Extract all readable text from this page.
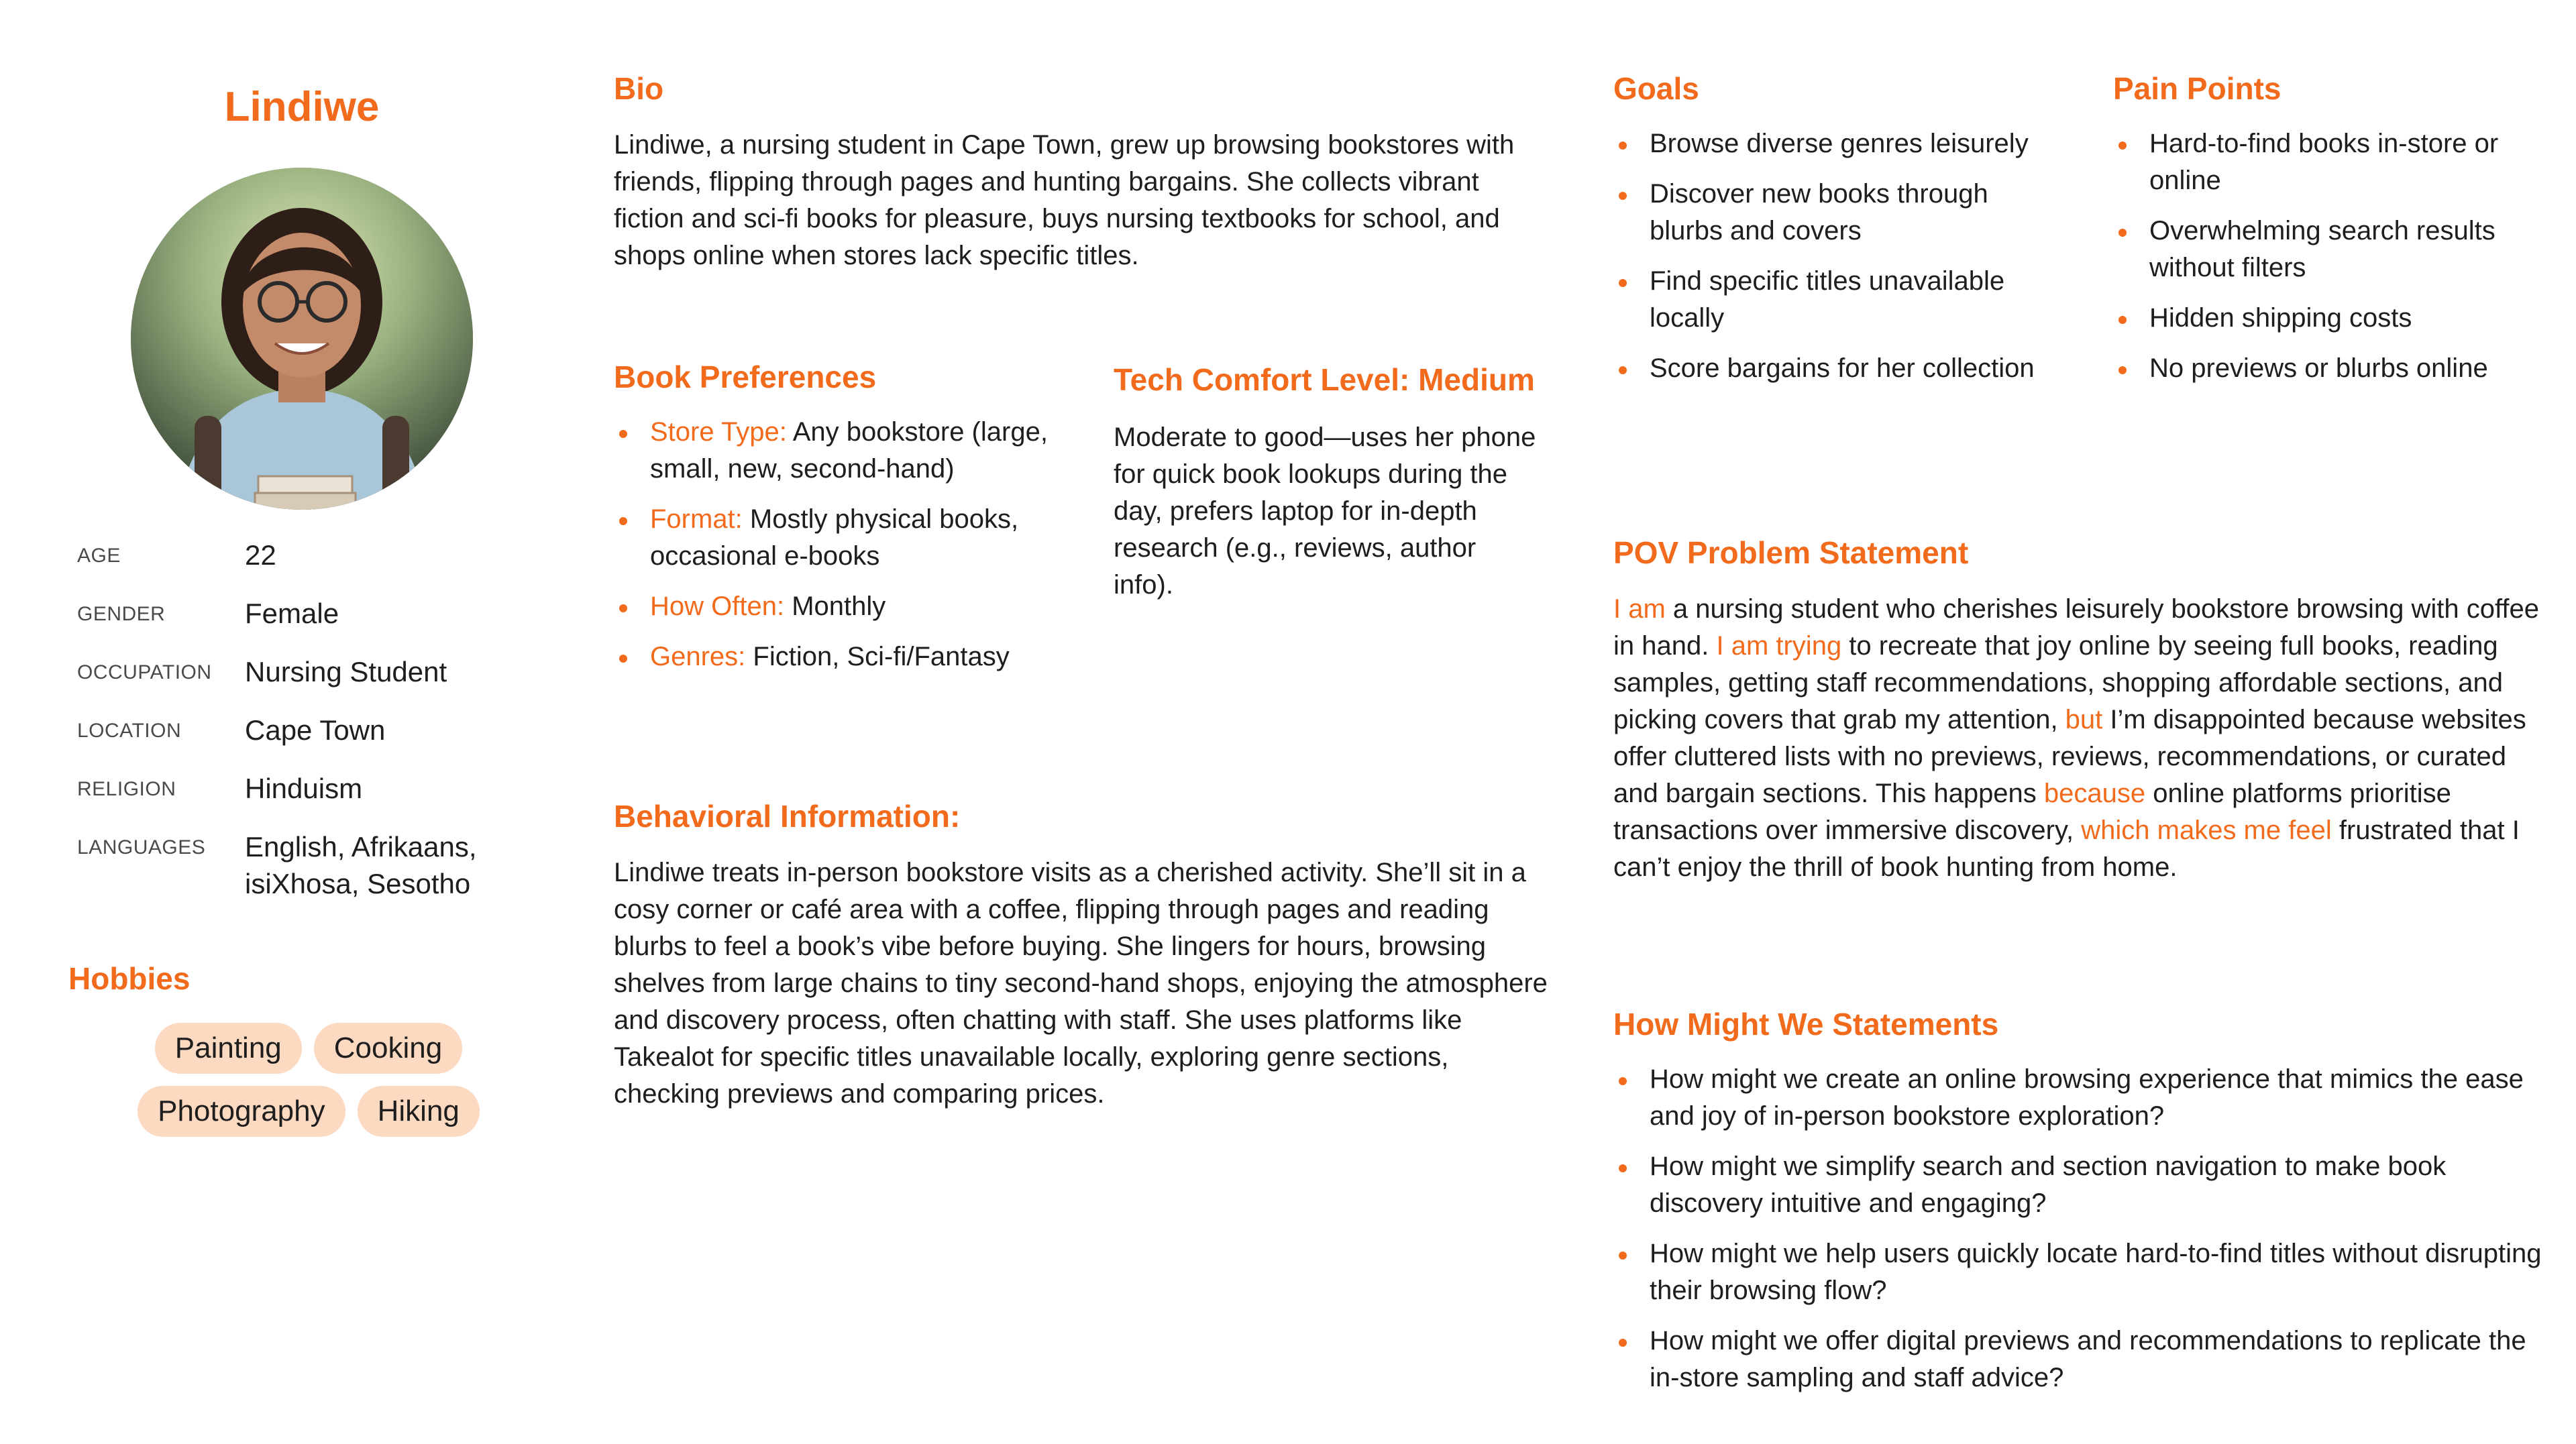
Lindiwe
AGE	22
GENDER	Female
OCCUPATION	Nursing Student
LOCATION	Cape Town
RELIGION	Hinduism
LANGUAGES	English, Afrikaans, isiXhosa, Sesotho
Hobbies
Painting	Cooking
Photography	Hiking
Bio

Lindiwe, a nursing student in Cape Town, grew up browsing bookstores with friends, flipping through pages and hunting bargains. She collects vibrant fiction and sci-fi books for pleasure, buys nursing textbooks for school, and shops online when stores lack specific titles.

Book Preferences
Store Type: Any bookstore (large, small, new, second-hand)
Format: Mostly physical books, occasional e-books
How Often: Monthly
Genres: Fiction, Sci-fi/Fantasy
Tech Comfort Level: Medium

Moderate to good—uses her phone for quick book lookups during the day, prefers laptop for in-depth research (e.g., reviews, author info).

Behavioral Information:

Lindiwe treats in-person bookstore visits as a cherished activity. She’ll sit in a cosy corner or café area with a coffee, flipping through pages and reading blurbs to feel a book’s vibe before buying. She lingers for hours, browsing shelves from large chains to tiny second-hand shops, enjoying the atmosphere and discovery process, often chatting with staff. She uses platforms like Takealot for specific titles unavailable locally, exploring genre sections, checking previews and comparing prices.

Goals
Browse diverse genres leisurely
Discover new books through blurbs and covers
Find specific titles unavailable locally
Score bargains for her collection
Pain Points
Hard-to-find books in-store or online
Overwhelming search results without filters
Hidden shipping costs
No previews or blurbs online
POV Problem Statement

I am a nursing student who cherishes leisurely bookstore browsing with coffee in hand. I am trying to recreate that joy online by seeing full books, reading samples, getting staff recommendations, shopping affordable sections, and picking covers that grab my attention, but I’m disappointed because websites offer cluttered lists with no previews, reviews, recommendations, or curated and bargain sections. This happens because online platforms prioritise transactions over immersive discovery, which makes me feel frustrated that I can’t enjoy the thrill of book hunting from home.

How Might We Statements
How might we create an online browsing experience that mimics the ease and joy of in-person bookstore exploration?
How might we simplify search and section navigation to make book discovery intuitive and engaging?
How might we help users quickly locate hard-to-find titles without disrupting their browsing flow?
How might we offer digital previews and recommendations to replicate the in-store sampling and staff advice?
